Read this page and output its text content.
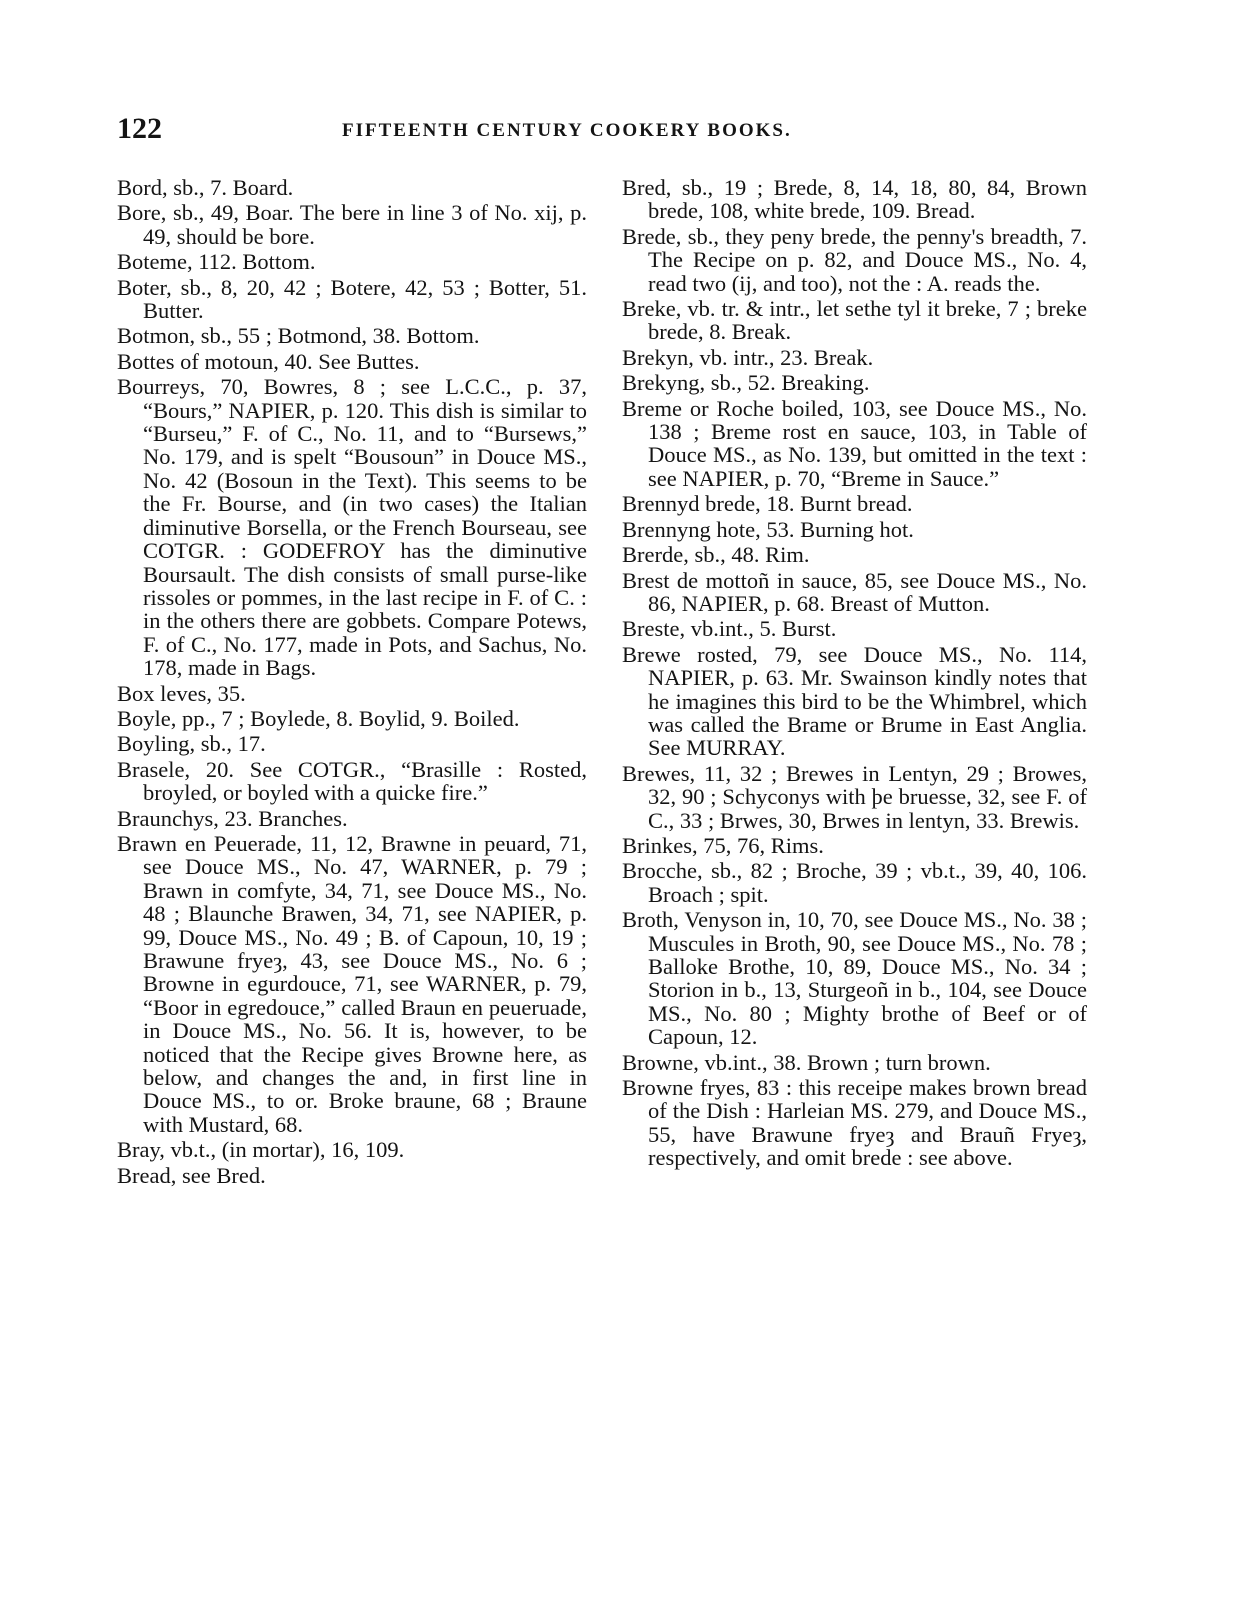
122	FIFTEENTH CENTURY COOKERY BOOKS.
Bord, sb., 7. Board.
Bore, sb., 49, Boar. The bere in line 3 of No. xij, p. 49, should be bore.
Boteme, 112. Bottom.
Boter, sb., 8, 20, 42 ; Botere, 42, 53 ; Botter, 51. Butter.
Botmon, sb., 55 ; Botmond, 38. Bottom.
Bottes of motoun, 40. See Buttes.
Bourreys, 70, Bowres, 8 ; see L.C.C., p. 37, “Bours,” NAPIER, p. 120. This dish is similar to “Burseu,” F. of C., No. 11, and to “Bursews,” No. 179, and is spelt “Bousoun” in Douce MS., No. 42 (Bosoun in the Text). This seems to be the Fr. Bourse, and (in two cases) the Italian diminutive Borsella, or the French Bourseau, see COTGR. : GODEFROY has the diminutive Boursault. The dish consists of small purse-like rissoles or pommes, in the last recipe in F. of C. : in the others there are gobbets. Compare Potews, F. of C., No. 177, made in Pots, and Sachus, No. 178, made in Bags.
Box leves, 35.
Boyle, pp., 7 ; Boylede, 8. Boylid, 9. Boiled.
Boyling, sb., 17.
Brasele, 20. See COTGR., “Brasille : Rosted, broyled, or boyled with a quicke fire.”
Braunchys, 23. Branches.
Brawn en Peuerade, 11, 12, Brawne in peuard, 71, see Douce MS., No. 47, WARNER, p. 79 ; Brawn in comfyte, 34, 71, see Douce MS., No. 48 ; Blaunche Brawen, 34, 71, see NAPIER, p. 99, Douce MS., No. 49 ; B. of Capoun, 10, 19 ; Brawune fryeȝ, 43, see Douce MS., No. 6 ; Browne in egurdouce, 71, see WARNER, p. 79, “Boor in egredouce,” called Braun en peueruade, in Douce MS., No. 56. It is, however, to be noticed that the Recipe gives Browne here, as below, and changes the and, in first line in Douce MS., to or. Broke braune, 68 ; Braune with Mustard, 68.
Bray, vb.t., (in mortar), 16, 109.
Bread, see Bred.
Bred, sb., 19 ; Brede, 8, 14, 18, 80, 84, Brown brede, 108, white brede, 109. Bread.
Brede, sb., they peny brede, the penny's breadth, 7. The Recipe on p. 82, and Douce MS., No. 4, read two (ij, and too), not the : A. reads the.
Breke, vb. tr. & intr., let sethe tyl it breke, 7 ; breke brede, 8. Break.
Brekyn, vb. intr., 23. Break.
Brekyng, sb., 52. Breaking.
Breme or Roche boiled, 103, see Douce MS., No. 138 ; Breme rost en sauce, 103, in Table of Douce MS., as No. 139, but omitted in the text : see NAPIER, p. 70, “Breme in Sauce.”
Brennyd brede, 18. Burnt bread.
Brennyng hote, 53. Burning hot.
Brerde, sb., 48. Rim.
Brest de mottoñ in sauce, 85, see Douce MS., No. 86, NAPIER, p. 68. Breast of Mutton.
Breste, vb.int., 5. Burst.
Brewe rosted, 79, see Douce MS., No. 114, NAPIER, p. 63. Mr. Swainson kindly notes that he imagines this bird to be the Whimbrel, which was called the Brame or Brume in East Anglia. See MURRAY.
Brewes, 11, 32 ; Brewes in Lentyn, 29 ; Browes, 32, 90 ; Schyconys with þe bruesse, 32, see F. of C., 33 ; Brwes, 30, Brwes in lentyn, 33. Brewis.
Brinkes, 75, 76, Rims.
Brocche, sb., 82 ; Broche, 39 ; vb.t., 39, 40, 106. Broach ; spit.
Broth, Venyson in, 10, 70, see Douce MS., No. 38 ; Muscules in Broth, 90, see Douce MS., No. 78 ; Balloke Brothe, 10, 89, Douce MS., No. 34 ; Storion in b., 13, Sturgeoñ in b., 104, see Douce MS., No. 80 ; Mighty brothe of Beef or of Capoun, 12.
Browne, vb.int., 38. Brown ; turn brown.
Browne fryes, 83 : this receipe makes brown bread of the Dish : Harleian MS. 279, and Douce MS., 55, have Brawune fryeȝ and Brauñ Fryeȝ, respectively, and omit brede : see above.
